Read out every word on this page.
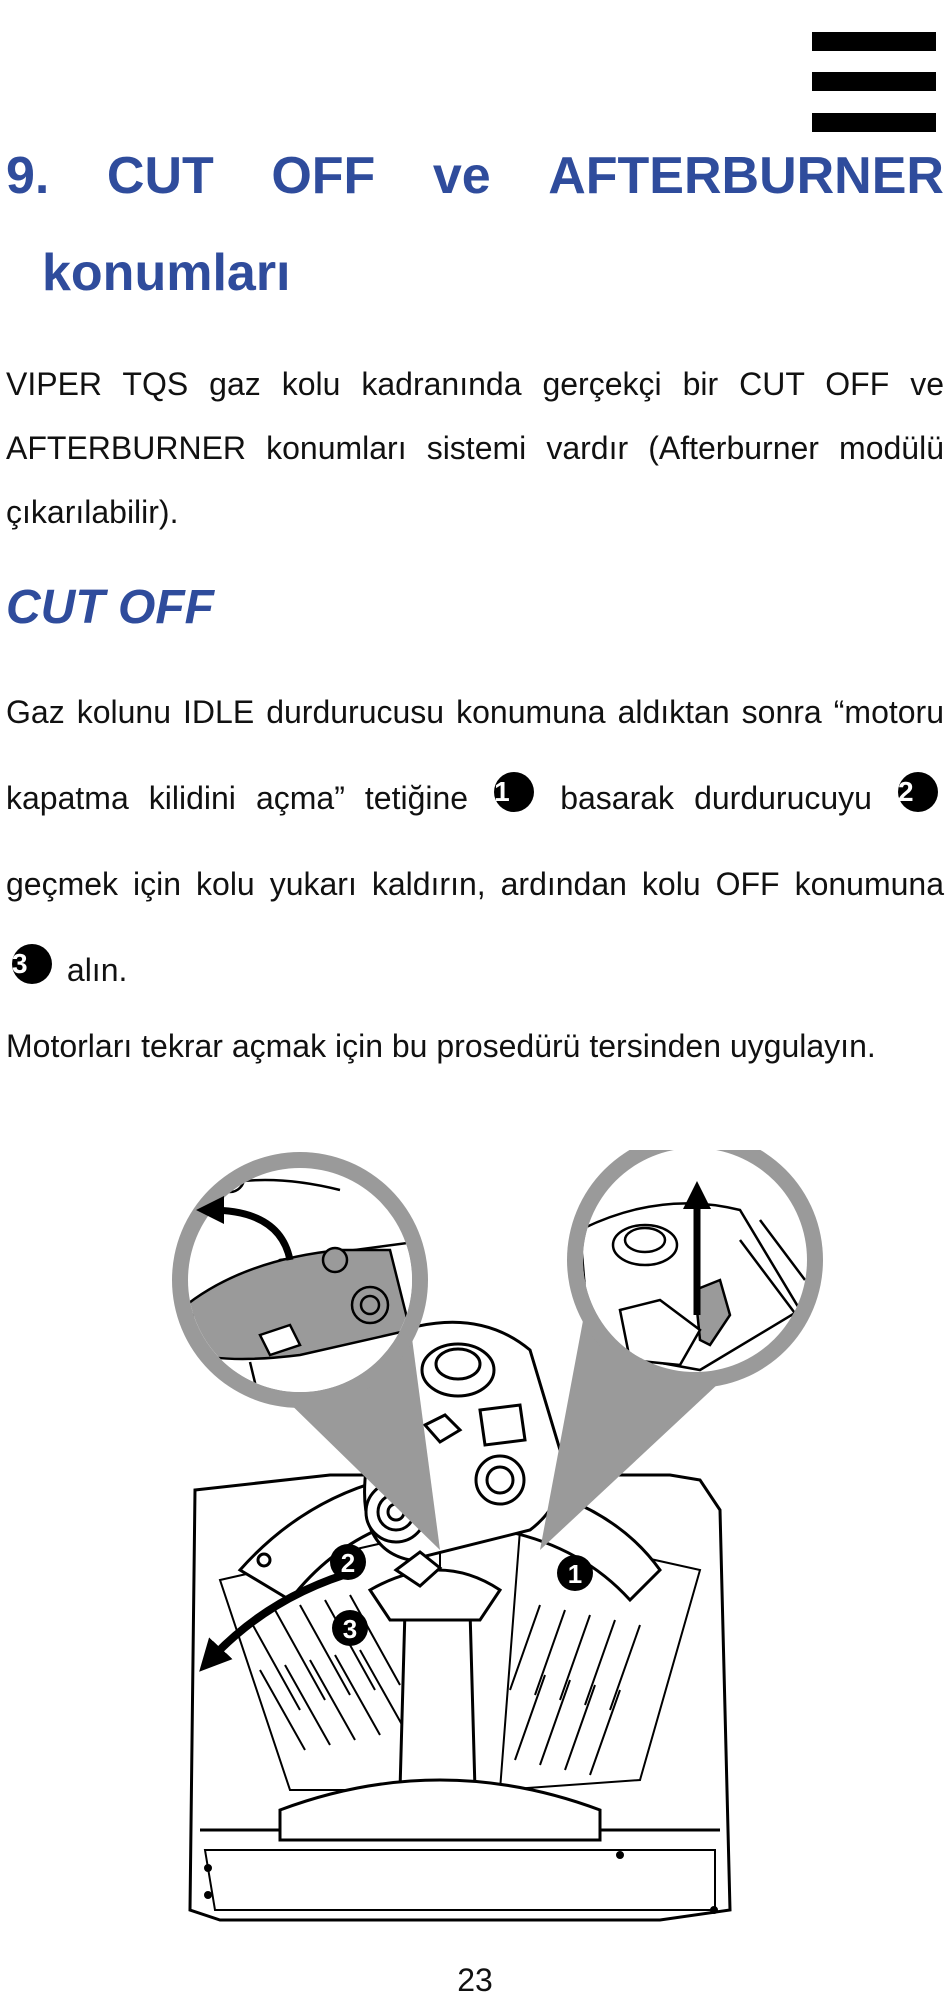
9. CUT OFF ve AFTERBURNER
konumları

VIPER TQS gaz kolu kadranında gerçekçi bir CUT OFF ve AFTERBURNER konumları sistemi vardır (Afterburner modülü çıkarılabilir).

CUT OFF

Gaz kolunu IDLE durdurucusu konumuna aldıktan sonra “motoru kapatma kilidini açma” tetiğine 1 basarak durdurucuyu 2 geçmek için kolu yukarı kaldırın, ardından kolu OFF konumuna 3 alın.

Motorları tekrar açmak için bu prosedürü tersinden uygulayın.

1
2
3
23
